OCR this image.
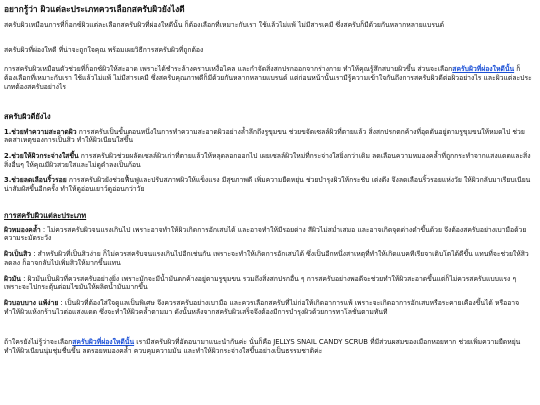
อยากรู้ว่า ผิวแต่ละประเภทควรเลือกสครับผิวยังไงดี

สครับผิวเหมือนการที่ก็อกซ์ผิวแต่ละเลือกสครับผิวที่ผ่องใหดีนั้น ก็ต้องเลือกที่เหมาะกับเรา ใช้แล้วไม่แพ้ ไม่มีสารเคมี ซึ่งสครับก็มีด้วยกันหลากหลายแบรนด์

สครับผิวที่ผ่องใหดี ที่น่าจะถูกใจคุณ พร้อมเผยวิธีการสครับผิวที่ถูกต้อง

การสครับผิวเหมือนตัวช่วยที่ก็อกซ์ผิวให้สะอาด เพราะได้ชำระล้างคราบเหงื่อไคล และกำจัดสิ่งสกปรกออกจากร่างกาย ทำให้คุณรู้สึกสบายผิวขึ้น ส่วนจะเลือกสครับผิวที่ผ่องใหดีนั้น ก็ต้องเลือกที่เหมาะกับเรา ใช้แล้วไม่แพ้ ไม่มีสารเคมี ซึ่งสครับคุณภาพดีก็มีด้วยกันหลากหลายแบรนด์ แต่ก่อนหน้านั้นเรามีรู้ความเข้าใจกันถึงการสครับผิวดีต่อผิวอย่างไร และผิวแต่ละประเภทต้องสครับอย่างไร

สครับผิวดียังไง

1.ช่วยทำความสะอาดผิว การสครับเป็นขั้นตอนหนึ่งในการทำความสะอาดผิวอย่างล้ำลึกถึงรูขุมขน ช่วยขจัดเซลล์ผิวที่ตายแล้ว สิ่งสกปรกตกค้างที่อุดตันอยู่ตามรูขุมขนให้หมดไป ช่วยลดสาเหตุของการเป็นสิว ทำให้ผิวเนียนใสขึ้น

2.ช่วยให้ผิวกระจ่างใสขึ้น การสครับผิวช่วยผลัดเซลล์ผิวเก่าที่ตายแล้วให้หลุดลอกออกไป เผยเซลล์ผิวใหม่ที่กระจ่างใสยิ่งกว่าเดิม ลดเลือนความหมองคล้ำที่ถูกกระทำจากแสงแดดและสิ่งสิ่งอื่นๆ ให้คุณมีผิวสวยใสและไม่ดูดำลงเป็นก้อน

3.ช่วยลดเลือนริ้วรอย การสครับผิวยังช่วยฟื้นฟูและปรับสภาพผิวให้แข็งแรง มีสุขภาพดี เพิ่มความยืดหยุ่น ช่วยบำรุงผิวให้กระชับ เต่งตึง จึงลดเลือนริ้วรอยแห่งวัย ให้ผิวกลับมาเรียบเนียนน่าสัมผัสขึ้นอีกครั้ง ทำให้ดูอ่อนเยาว์ดูอ่อนกว่าวัย

การสครับผิวแต่ละประเภท

ผิวหมองคล้ำ : ไม่ควรสครับผิวจนแรงเกินไป เพราะอาจทำให้ผิวเกิดการอักเสบได้ และอาจทำให้มีรอยด่าง สีผิวไม่สม่ำเสมอ และอาจเกิดจุดด่างดำขึ้นด้วย จึงต้องสครับอย่างเบามือด้วยความระมัดระวัง

ผิวเป็นสิว : สำหรับผิวที่เป็นสิวง่าย ก็ไม่ควรสครับจนแรงเกินไปอีกเช่นกัน เพราะจะทำให้เกิดการอักเสบได้ ซึ่งเป็นอีกหนึ่งสาเหตุที่ทำให้เกิดแบคทีเรียจาเติบโตได้ดีขึ้น แทนที่จะช่วยให้สิวลดลง ก็อาจกลับไปเพิ่มสิวให้มากขึ้นแทน

ผิวมัน : ผิวมันเป็นผิวที่ควรสครับอย่างยิ่ง เพราะมักจะมีน้ำมันตกค้างอยู่ตามรูขุมขน รวมถึงสิ่งสกปรกอื่น ๆ การสครับอย่างพอดีจะช่วยทำให้ผิวสะอาดขึ้นแต่ก็ไม่ควรสครับแบบแรง ๆ เพราะจะไปกระตุ้นต่อมไขมันให้ผลิตน้ำมันมากขึ้น

ผิวบอบบาง แพ้ง่าย : เป็นผิวที่ต้องใส่ใจดูแลเป็นพิเศษ จึงควรสครับอย่างเบามือ และควรเลือกสครับที่ไม่ก่อให้เกิดอาการแพ้ เพราะจะเกิดอาการอักเสบหรือระคายเคืองขึ้นได้ หรืออาจทำให้ผิวแห้งกร้านไวต่อแสงแดด ซึ่งจะทำให้ผิวคล้ำตามมา ดังนั้นหลังจากสครับผิวเสร็จจึงต้องมีการบำรุงผิวด้วยการทาโลชั่นตามทันที

ถ้าใครยังไม่รู้ว่าจะเลือกสครับผิวที่ผ่องใหดีนั้น เรามีสครับผิวที่อัดอนามาแนะนำกันค่ะ นั่นก็คือ JELLYS SNAIL CANDY SCRUB ที่มีส่วนผสมของเมือกหอยทาก ช่วยเพิ่มความยืดหยุ่น ทำให้ผิวเนียนนุ่มชุ่มชื่นขึ้น ลดรอยหมองคล้ำ ควบคุมความมัน และทำให้ผิวกระจ่างใสขึ้นอย่างเป็นธรรมชาติค่ะ
